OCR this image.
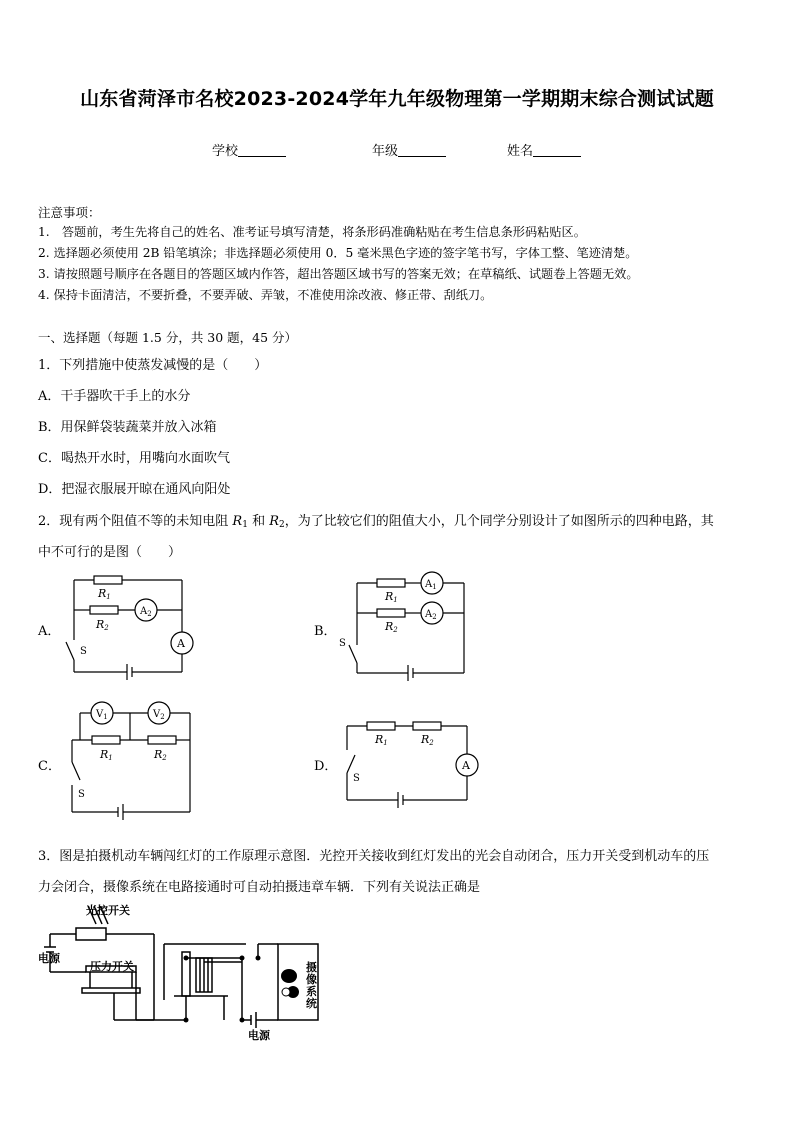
山东省菏泽市名校2023-2024学年九年级物理第一学期期末综合测试试题
学校	年级	姓名
注意事项：
1.　答题前，考生先将自己的姓名、准考证号填写清楚，将条形码准确粘贴在考生信息条形码粘贴区。
2. 选择题必须使用 2B 铅笔填涂；非选择题必须使用 0．5 毫米黑色字迹的签字笔书写，字体工整、笔迹清楚。
3. 请按照题号顺序在各题目的答题区域内作答，超出答题区域书写的答案无效；在草稿纸、试题卷上答题无效。
4. 保持卡面清洁，不要折叠，不要弄破、弄皱，不准使用涂改液、修正带、刮纸刀。
一、选择题（每题 1.5 分，共 30 题，45 分）
1．下列措施中使蒸发减慢的是（　　）
A．干手器吹干手上的水分
B．用保鲜袋装蔬菜并放入冰箱
C．喝热开水时，用嘴向水面吹气
D．把湿衣服展开晾在通风向阳处
2．现有两个阻值不等的未知电阻 $R_1$ 和 $R_2$，为了比较它们的阻值大小，几个同学分别设计了如图所示的四种电路，其
中不可行的是图（　　）
A．	B．
C．	D．
R1
R2
$A_2$
A
S
$A_1$
$A_2$
R1
R2
S
$V_1$	$V_2$
R1	R2
S
R1	R2
A
S
3．图是拍摄机动车辆闯红灯的工作原理示意图．光控开关接收到红灯发出的光会自动闭合，压力开关受到机动车的压
力会闭合，摄像系统在电路接通时可自动拍摄违章车辆．下列有关说法正确是
光控开关
电源
压力开关	摄像系统
电源
